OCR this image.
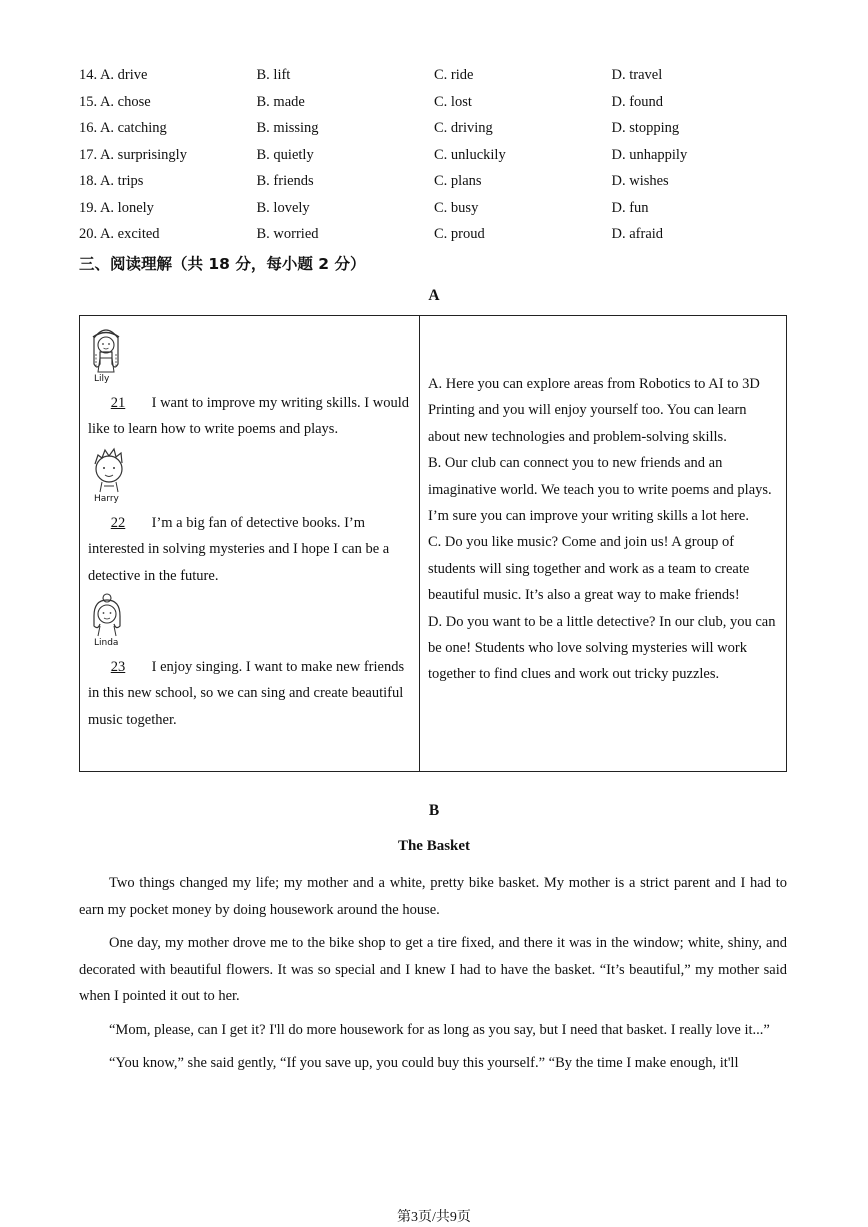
14. A. drive	B. lift	C. ride	D. travel
15. A. chose	B. made	C. lost	D. found
16. A. catching	B. missing	C. driving	D. stopping
17. A. surprisingly	B. quietly	C. unluckily	D. unhappily
18. A. trips	B. friends	C. plans	D. wishes
19. A. lonely	B. lovely	C. busy	D. fun
20. A. excited	B. worried	C. proud	D. afraid
三、阅读理解（共 18 分，每小题 2 分）
A
Lily
21 I want to improve my writing skills. I would like to learn how to write poems and plays.
Harry
22 I’m a big fan of detective books. I’m interested in solving mysteries and I hope I can be a detective in the future.
Linda
23 I enjoy singing. I want to make new friends in this new school, so we can sing and create beautiful music together.
A. Here you can explore areas from Robotics to AI to 3D Printing and you will enjoy yourself too. You can learn about new technologies and problem-solving skills.
B. Our club can connect you to new friends and an imaginative world. We teach you to write poems and plays. I’m sure you can improve your writing skills a lot here.
C. Do you like music? Come and join us! A group of students will sing together and work as a team to create beautiful music. It’s also a great way to make friends!
D. Do you want to be a little detective? In our club, you can be one! Students who love solving mysteries will work together to find clues and work out tricky puzzles.
B
The Basket

Two things changed my life; my mother and a white, pretty bike basket. My mother is a strict parent and I had to earn my pocket money by doing housework around the house.

One day, my mother drove me to the bike shop to get a tire fixed, and there it was in the window; white, shiny, and decorated with beautiful flowers. It was so special and I knew I had to have the basket. “It’s beautiful,” my mother said when I pointed it out to her.

“Mom, please, can I get it? I'll do more housework for as long as you say, but I need that basket. I really love it...”

“You know,” she said gently, “If you save up, you could buy this yourself.” “By the time I make enough, it'll

第3页/共9页
